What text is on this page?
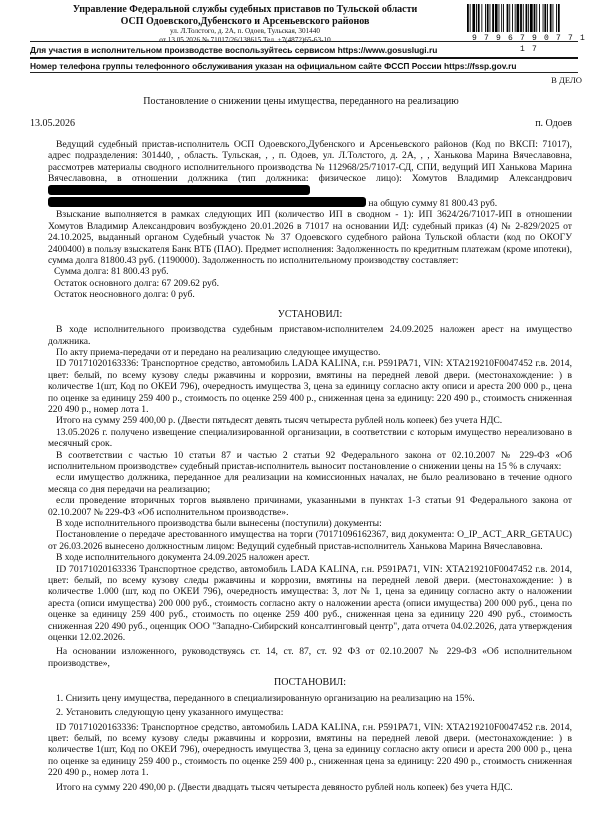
Управление Федеральной службы судебных приставов по Тульской области
ОСП Одоевского,Дубенского и Арсеньевского районов
ул. Л.Толстого, д. 2А, п. Одоев, Тульская, 301440
от 13.05.2026 № 71017/26/138615 Тел. +7(4872)65-63-10	9 7 9 6 7 9 0 7 7 1 1 7
Для участия в исполнительном производстве воспользуйтесь сервисом https://www.gosuslugi.ru
Номер телефона группы телефонного обслуживания указан на официальном сайте ФССП России https://fssp.gov.ru
В ДЕЛО
Постановление о снижении цены имущества, переданного на реализацию
13.05.2026	п. Одоев

Ведущий судебный пристав-исполнитель ОСП Одоевского,Дубенского и Арсеньевского районов (Код по ВКСП: 71017), адрес подразделения: 301440, , область. Тульская, , , п. Одоев, ул. Л.Толстого, д. 2А, , , Ханькова Марина Вячеславовна, рассмотрев материалы сводного исполнительного производства № 112968/25/71017-СД, СПИ, ведущий ИП Ханькова Марина Вячеславовна, в отношении должника (тип должника: физическое лицо): Хомутов Владимир Александрович

на общую сумму 81 800.43 руб.

Взыскание выполняется в рамках следующих ИП (количество ИП в сводном - 1): ИП 3624/26/71017-ИП в отношении Хомутов Владимир Александрович возбуждено 20.01.2026 в 71017 на основании ИД: судебный приказ (4) № 2-829/2025 от 24.10.2025, выданный органом Судебный участок № 37 Одоевского судебного района Тульской области (код по ОКОГУ 2400400) в пользу взыскателя Банк ВТБ (ПАО). Предмет исполнения: Задолженность по кредитным платежам (кроме ипотеки), сумма долга 81800.43 руб. (1190000). Задолженность по исполнительному производству составляет:

Сумма долга: 81 800.43 руб.

Остаток основного долга: 67 209.62 руб.

Остаток неосновного долга: 0 руб.

УСТАНОВИЛ:

В ходе исполнительного производства судебным приставом-исполнителем 24.09.2025 наложен арест на имущество должника.

По акту приема-передачи от и передано на реализацию следующее имущество.

ID 70171020163336: Транспортное средство, автомобиль LADA KALINA, г.н. Р591РА71, VIN: ХТА219210F0047452 г.в. 2014, цвет: белый, по всему кузову следы ржавчины и коррозии, вмятины на передней левой двери. (местонахождение: ) в количестве 1(шт, Код по ОКЕИ 796), очередность имущества 3, цена за единицу согласно акту описи и ареста 200 000 р., цена по оценке за единицу 259 400 р., стоимость по оценке 259 400 р., сниженная цена за единицу: 220 490 р., стоимость сниженная 220 490 р., номер лота 1.

Итого на сумму 259 400,00 р. (Двести пятьдесят девять тысяч четыреста рублей ноль копеек) без учета НДС.

13.05.2026 г. получено извещение специализированной организации, в соответствии с которым имущество нереализовано в месячный срок.

В соответствии с частью 10 статьи 87 и частью 2 статьи 92 Федерального закона от 02.10.2007 № 229-ФЗ «Об исполнительном производстве» судебный пристав-исполнитель выносит постановление о снижении цены на 15 % в случаях:

если имущество должника, переданное для реализации на комиссионных началах, не было реализовано в течение одного месяца со дня передачи на реализацию;

если проведение вторичных торгов выявлено причинами, указанными в пунктах 1-3 статьи 91 Федерального закона от 02.10.2007 № 229-ФЗ «Об исполнительном производстве».

В ходе исполнительного производства были вынесены (поступили) документы:

Постановление о передаче арестованного имущества на торги (70171096162367, вид документа: O_IP_ACT_ARR_GETAUC) от 26.03.2026 вынесено должностным лицом: Ведущий судебный пристав-исполнитель Ханькова Марина Вячеславовна.

В ходе исполнительного документа 24.09.2025 наложен арест.

ID 70171020163336 Транспортное средство, автомобиль LADA KALINA, г.н. Р591РА71, VIN: ХТА219210F0047452 г.в. 2014, цвет: белый, по всему кузову следы ржавчины и коррозии, вмятины на передней левой двери. (местонахождение: ) в количестве 1.000 (шт, код по ОКЕИ 796), очередность имущества: 3, лот № 1, цена за единицу согласно акту о наложении ареста (описи имущества) 200 000 руб., стоимость согласно акту о наложении ареста (описи имущества) 200 000 руб., цена по оценке за единицу 259 400 руб., стоимость по оценке 259 400 руб., сниженная цена за единицу 220 490 руб., стоимость сниженная 220 490 руб., оценщик ООО "Западно-Сибирский консалтинговый центр", дата отчета 04.02.2026, дата утверждения оценки 12.02.2026.

На основании изложенного, руководствуясь ст. 14, ст. 87, ст. 92 ФЗ от 02.10.2007 № 229-ФЗ «Об исполнительном производстве»,

ПОСТАНОВИЛ:

1. Снизить цену имущества, переданного в специализированную организацию на реализацию на 15%.

2. Установить следующую цену указанного имущества:

ID 70171020163336: Транспортное средство, автомобиль LADA KALINA, г.н. Р591РА71, VIN: ХТА219210F0047452 г.в. 2014, цвет: белый, по всему кузову следы ржавчины и коррозии, вмятины на передней левой двери. (местонахождение: ) в количестве 1(шт, Код по ОКЕИ 796), очередность имущества 3, цена за единицу согласно акту описи и ареста 200 000 р., цена по оценке за единицу 259 400 р., стоимость по оценке 259 400 р., сниженная цена за единицу: 220 490 р., стоимость сниженная 220 490 р., номер лота 1.

Итого на сумму 220 490,00 р. (Двести двадцать тысяч четыреста девяносто рублей ноль копеек) без учета НДС.
